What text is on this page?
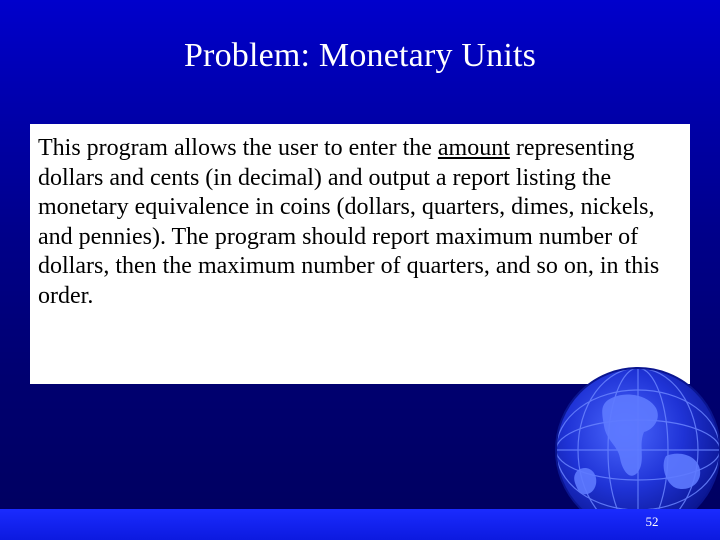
Problem: Monetary Units

This program allows the user to enter the amount representing dollars and cents (in decimal) and output a report listing the monetary equivalence in coins (dollars, quarters, dimes, nickels, and pennies). The program should report maximum number of dollars, then the maximum number of quarters, and so on, in this order.

52
